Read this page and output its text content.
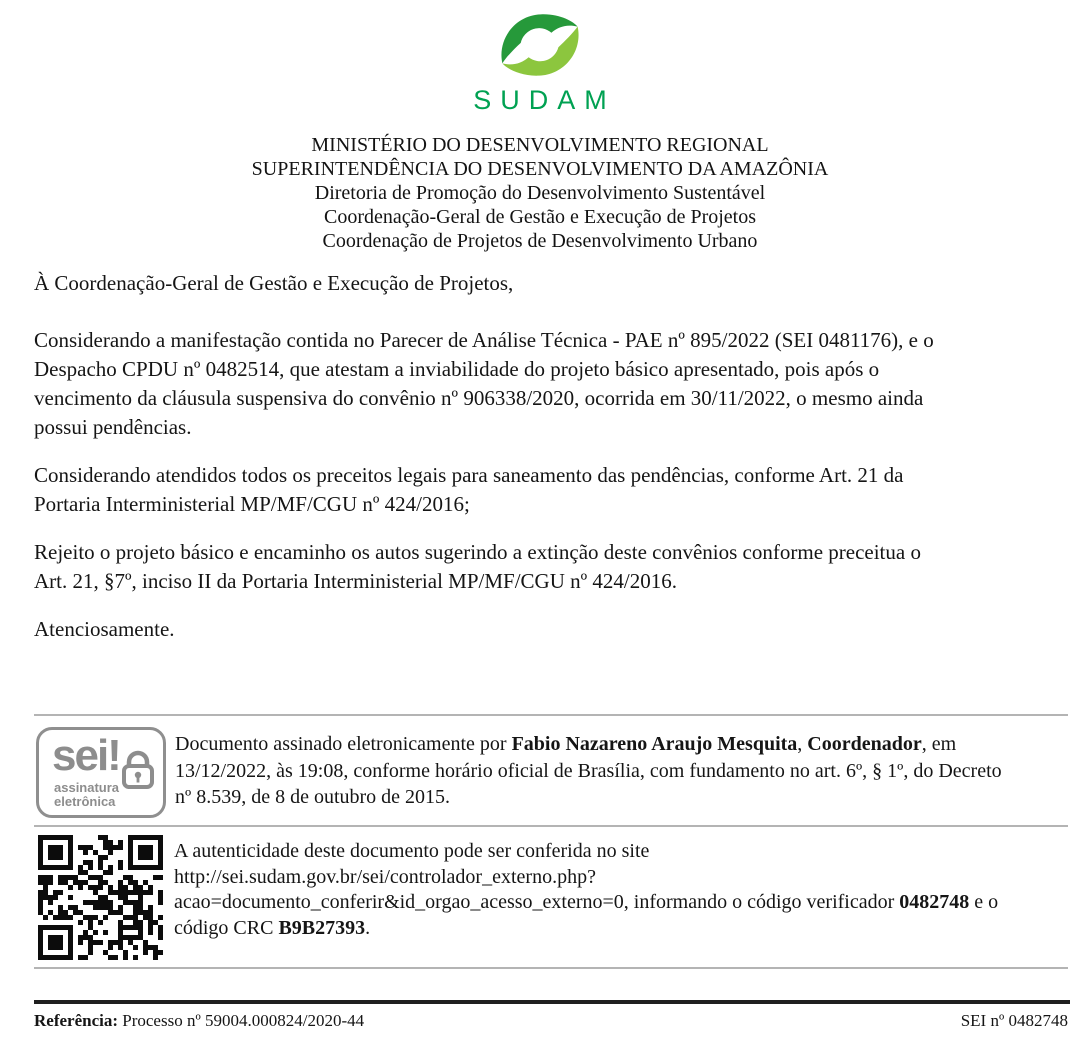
SUDAM
MINISTÉRIO DO DESENVOLVIMENTO REGIONAL
SUPERINTENDÊNCIA DO DESENVOLVIMENTO DA AMAZÔNIA
Diretoria de Promoção do Desenvolvimento Sustentável
Coordenação-Geral de Gestão e Execução de Projetos
Coordenação de Projetos de Desenvolvimento Urbano

À Coordenação-Geral de Gestão e Execução de Projetos,

Considerando a manifestação contida no Parecer de Análise Técnica - PAE nº 895/2022 (SEI 0481176), e o
Despacho CPDU nº 0482514, que atestam a inviabilidade do projeto básico apresentado, pois após o
vencimento da cláusula suspensiva do convênio nº 906338/2020, ocorrida em 30/11/2022, o mesmo ainda
possui pendências.

Considerando atendidos todos os preceitos legais para saneamento das pendências, conforme Art. 21 da
Portaria Interministerial MP/MF/CGU nº 424/2016;

Rejeito o projeto básico e encaminho os autos sugerindo a extinção deste convênios conforme preceitua o
Art. 21, §7º, inciso II da Portaria Interministerial MP/MF/CGU nº 424/2016.

Atenciosamente.

sei!
assinatura
eletrônica
Documento assinado eletronicamente por Fabio Nazareno Araujo Mesquita, Coordenador, em
13/12/2022, às 19:08, conforme horário oficial de Brasília, com fundamento no art. 6º, § 1º, do Decreto
nº 8.539, de 8 de outubro de 2015.
A autenticidade deste documento pode ser conferida no site
http://sei.sudam.gov.br/sei/controlador_externo.php?
acao=documento_conferir&id_orgao_acesso_externo=0, informando o código verificador 0482748 e o
código CRC B9B27393.
Referência: Processo nº 59004.000824/2020-44	SEI nº 0482748
